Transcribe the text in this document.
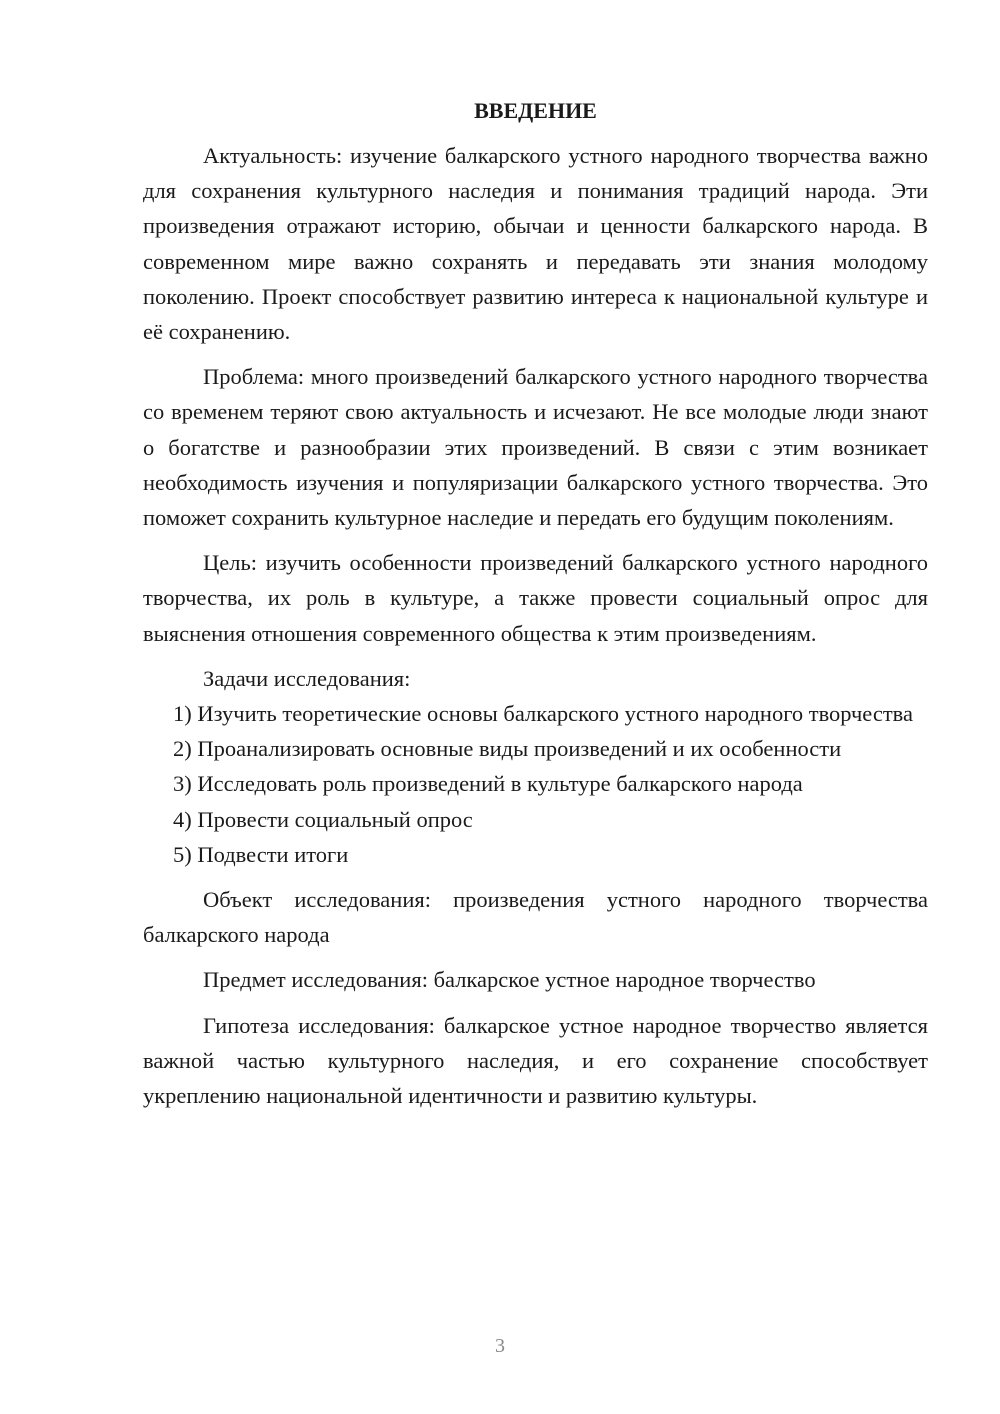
ВВЕДЕНИЕ

Актуальность: изучение балкарского устного народного творчества важно для сохранения культурного наследия и понимания традиций народа. Эти произведения отражают историю, обычаи и ценности балкарского народа. В современном мире важно сохранять и передавать эти знания молодому поколению. Проект способствует развитию интереса к национальной культуре и её сохранению.

Проблема: много произведений балкарского устного народного творчества со временем теряют свою актуальность и исчезают. Не все молодые люди знают о богатстве и разнообразии этих произведений. В связи с этим возникает необходимость изучения и популяризации балкарского устного творчества. Это поможет сохранить культурное наследие и передать его будущим поколениям.

Цель: изучить особенности произведений балкарского устного народного творчества, их роль в культуре, а также провести социальный опрос для выяснения отношения современного общества к этим произведениям.

Задачи исследования:

1) Изучить теоретические основы балкарского устного народного творчества
2) Проанализировать основные виды произведений и их особенности
3) Исследовать роль произведений в культуре балкарского народа
4) Провести социальный опрос
5) Подвести итоги

Объект исследования: произведения устного народного творчества балкарского народа

Предмет исследования: балкарское устное народное творчество

Гипотеза исследования: балкарское устное народное творчество является важной частью культурного наследия, и его сохранение способствует укреплению национальной идентичности и развитию культуры.

3
